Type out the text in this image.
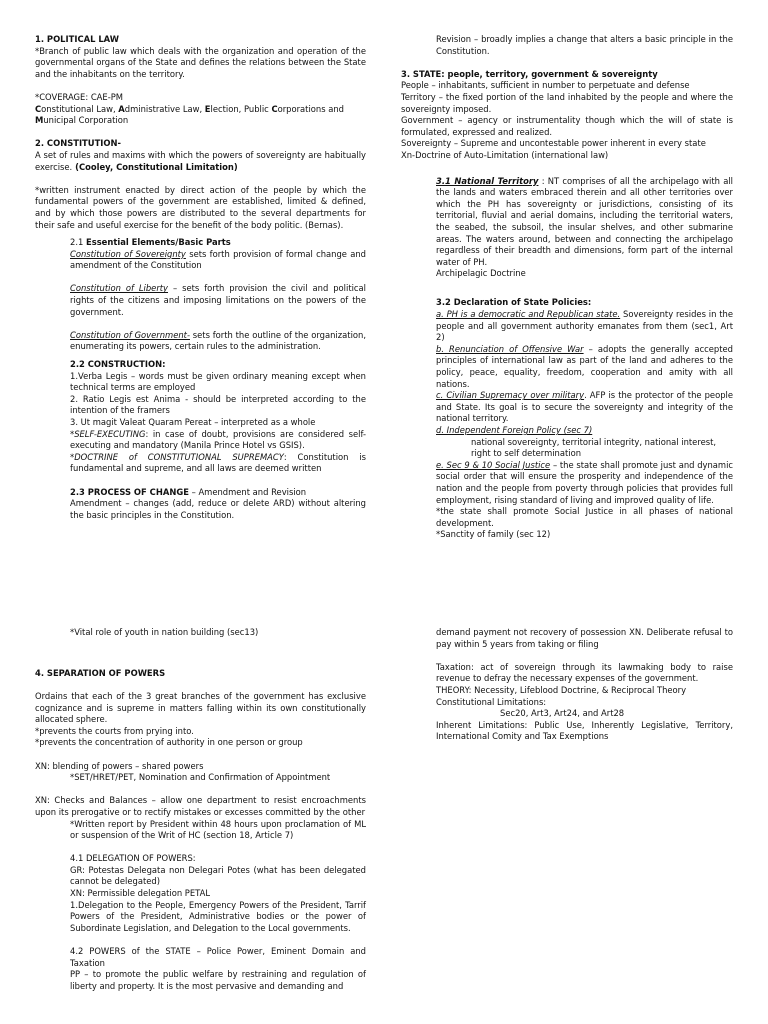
1. POLITICAL LAW

*Branch of public law which deals with the organization and operation of the governmental organs of the State and defines the relations between the State and the inhabitants on the territory.

*COVERAGE: CAE-PM

Constitutional Law, Administrative Law, Election, Public Corporations and Municipal Corporation

2. CONSTITUTION-

A set of rules and maxims with which the powers of sovereignty are habitually exercise. (Cooley, Constitutional Limitation)

*written instrument enacted by direct action of the people by which the fundamental powers of the government are established, limited & defined, and by which those powers are distributed to the several departments for their safe and useful exercise for the benefit of the body politic. (Bernas).

2.1 Essential Elements/Basic Parts

Constitution of Sovereignty sets forth provision of formal change and amendment of the Constitution

Constitution of Liberty – sets forth provision the civil and political rights of the citizens and imposing limitations on the powers of the government.

Constitution of Government- sets forth the outline of the organization, enumerating its powers, certain rules to the administration.

2.2 CONSTRUCTION:

1.Verba Legis – words must be given ordinary meaning except when technical terms are employed

2. Ratio Legis est Anima - should be interpreted according to the intention of the framers

3. Ut magit Valeat Quaram Pereat – interpreted as a whole

*SELF-EXECUTING: in case of doubt, provisions are considered self-executing and mandatory (Manila Prince Hotel vs GSIS).

*DOCTRINE of CONSTITUTIONAL SUPREMACY: Constitution is fundamental and supreme, and all laws are deemed written

2.3 PROCESS OF CHANGE – Amendment and Revision

Amendment – changes (add, reduce or delete ARD) without altering the basic principles in the Constitution.

Revision – broadly implies a change that alters a basic principle in the Constitution.

3. STATE: people, territory, government & sovereignty

People – inhabitants, sufficient in number to perpetuate and defense

Territory – the fixed portion of the land inhabited by the people and where the sovereignty imposed.

Government – agency or instrumentality though which the will of state is formulated, expressed and realized.

Sovereignty – Supreme and uncontestable power inherent in every state

Xn-Doctrine of Auto-Limitation (international law)

3.1 National Territory : NT comprises of all the archipelago with all the lands and waters embraced therein and all other territories over which the PH has sovereignty or jurisdictions, consisting of its territorial, fluvial and aerial domains, including the territorial waters, the seabed, the subsoil, the insular shelves, and other submarine areas. The waters around, between and connecting the archipelago regardless of their breadth and dimensions, form part of the internal water of PH.

Archipelagic Doctrine

3.2 Declaration of State Policies:

a. PH is a democratic and Republican state. Sovereignty resides in the people and all government authority emanates from them (sec1, Art 2)

b. Renunciation of Offensive War – adopts the generally accepted principles of international law as part of the land and adheres to the policy, peace, equality, freedom, cooperation and amity with all nations.

c. Civilian Supremacy over military. AFP is the protector of the people and State. Its goal is to secure the sovereignty and integrity of the national territory.

d. Independent Foreign Policy (sec 7)

national sovereignty, territorial integrity, national interest, right to self determination

e. Sec 9 & 10 Social Justice – the state shall promote just and dynamic social order that will ensure the prosperity and independence of the nation and the people from poverty through policies that provides full employment, rising standard of living and improved quality of life.

*the state shall promote Social Justice in all phases of national development.

*Sanctity of family (sec 12)

*Vital role of youth in nation building (sec13)

4. SEPARATION OF POWERS

Ordains that each of the 3 great branches of the government has exclusive cognizance and is supreme in matters falling within its own constitutionally allocated sphere.

*prevents the courts from prying into.

*prevents the concentration of authority in one person or group

XN: blending of powers – shared powers

*SET/HRET/PET, Nomination and Confirmation of Appointment

XN: Checks and Balances – allow one department to resist encroachments upon its prerogative or to rectify mistakes or excesses committed by the other

*Written report by President within 48 hours upon proclamation of ML or suspension of the Writ of HC (section 18, Article 7)

4.1 DELEGATION OF POWERS:

GR: Potestas Delegata non Delegari Potes (what has been delegated cannot be delegated)

XN: Permissible delegation PETAL

1.Delegation to the People, Emergency Powers of the President, Tarrif Powers of the President, Administrative bodies or the power of Subordinate Legislation, and Delegation to the Local governments.

4.2 POWERS of the STATE – Police Power, Eminent Domain and Taxation

PP – to promote the public welfare by restraining and regulation of liberty and property. It is the most pervasive and demanding and

demand payment not recovery of possession XN. Deliberate refusal to pay within 5 years from taking or filing

Taxation: act of sovereign through its lawmaking body to raise revenue to defray the necessary expenses of the government.

THEORY: Necessity, Lifeblood Doctrine, & Reciprocal Theory

Constitutional Limitations:

Sec20, Art3, Art24, and Art28

Inherent Limitations: Public Use, Inherently Legislative, Territory, International Comity and Tax Exemptions
